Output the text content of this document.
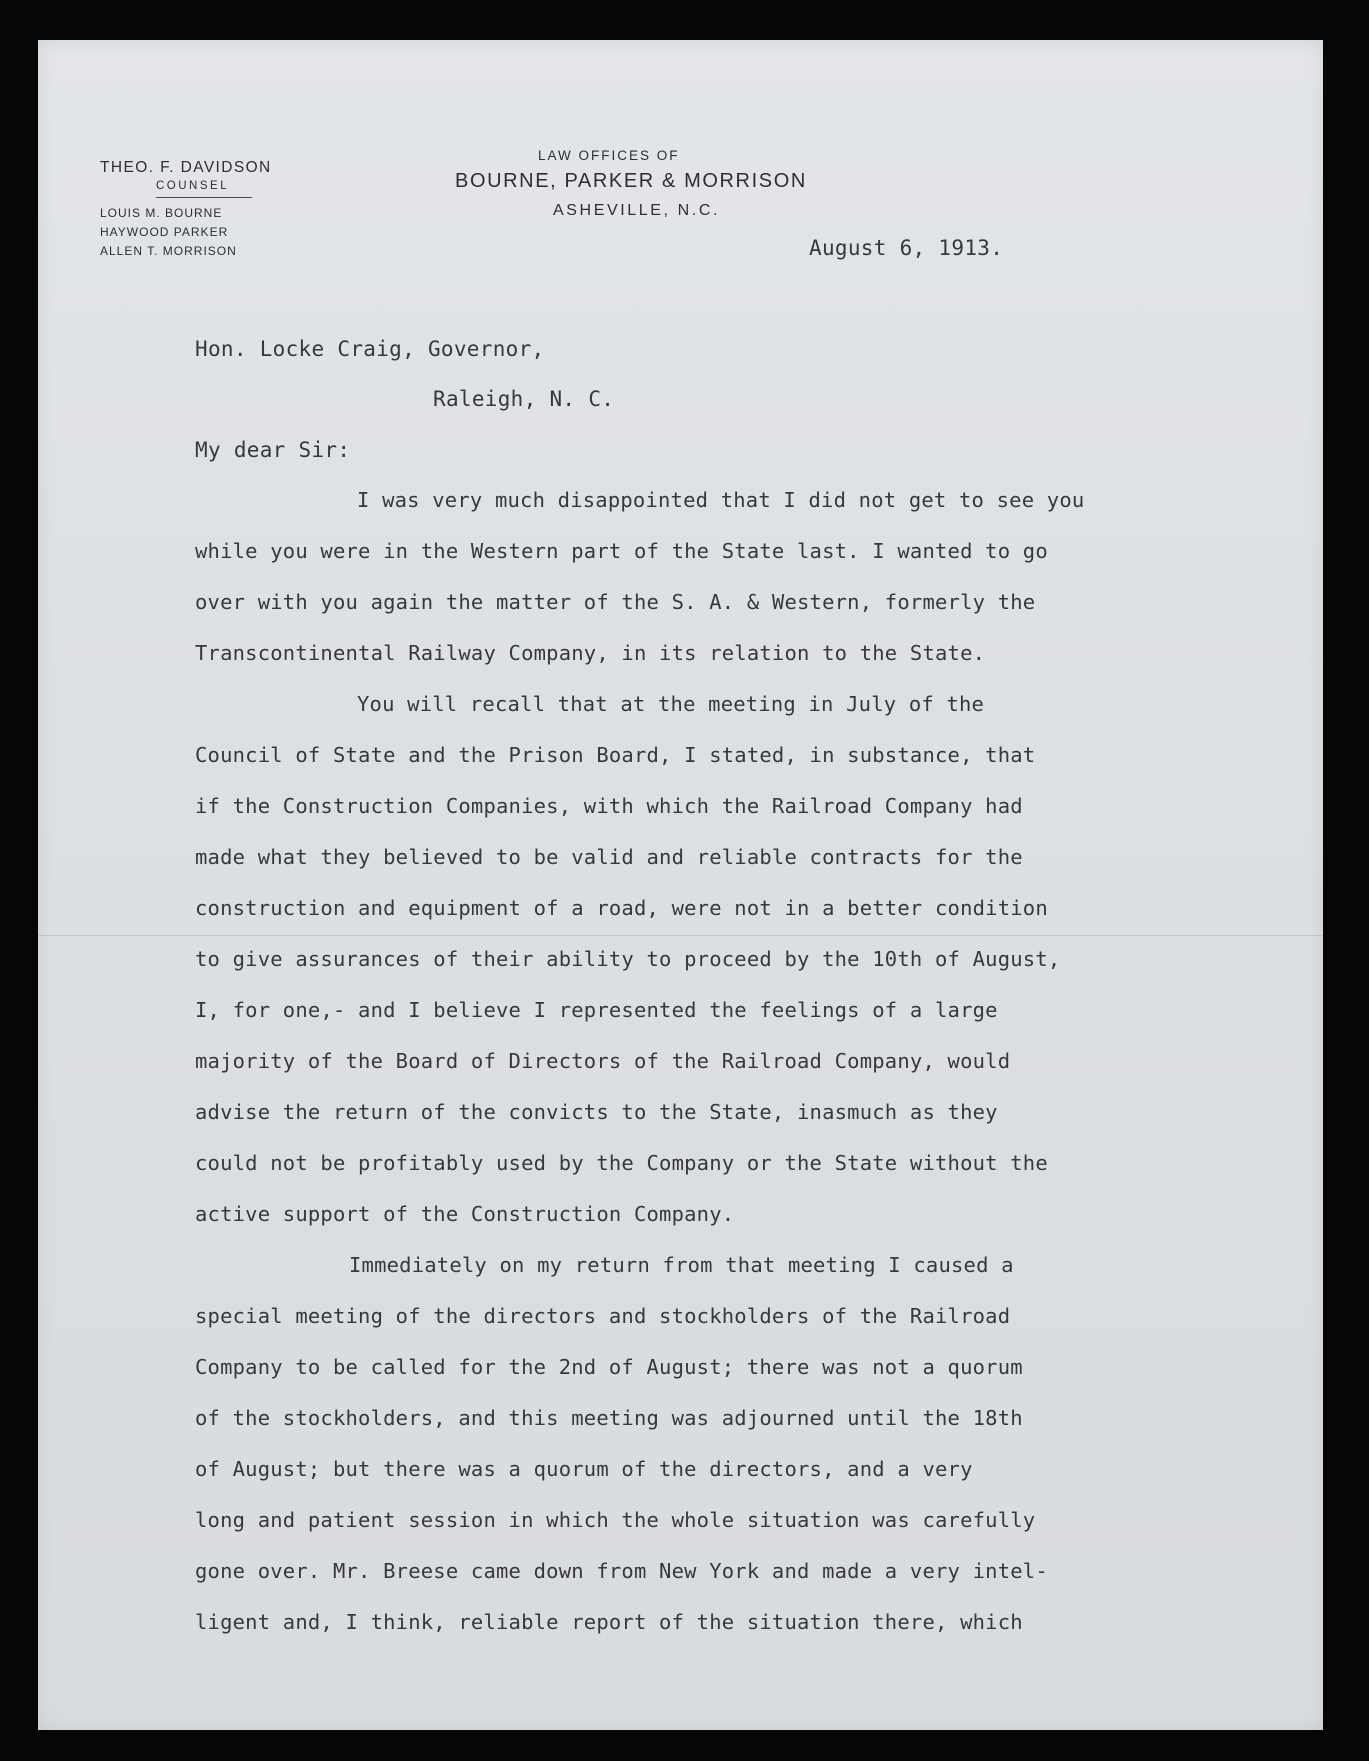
THEO. F. DAVIDSON
COUNSEL
LOUIS M. BOURNE
HAYWOOD PARKER
ALLEN T. MORRISON
LAW OFFICES OF
BOURNE, PARKER & MORRISON
ASHEVILLE, N.C.
August 6, 1913.
Hon. Locke Craig, Governor,
Raleigh, N. C.
My dear Sir:
I was very much disappointed that I did not get to see you
while you were in the Western part of the State last. I wanted to go
over with you again the matter of the S. A. & Western, formerly the
Transcontinental Railway Company, in its relation to the State.
You will recall that at the meeting in July of the
Council of State and the Prison Board, I stated, in substance, that
if the Construction Companies, with which the Railroad Company had
made what they believed to be valid and reliable contracts for the
construction and equipment of a road, were not in a better condition
to give assurances of their ability to proceed by the 10th of August,
I, for one,- and I believe I represented the feelings of a large
majority of the Board of Directors of the Railroad Company, would
advise the return of the convicts to the State, inasmuch as they
could not be profitably used by the Company or the State without the
active support of the Construction Company.
Immediately on my return from that meeting I caused a
special meeting of the directors and stockholders of the Railroad
Company to be called for the 2nd of August; there was not a quorum
of the stockholders, and this meeting was adjourned until the 18th
of August; but there was a quorum of the directors, and a very
long and patient session in which the whole situation was carefully
gone over. Mr. Breese came down from New York and made a very intel-
ligent and, I think, reliable report of the situation there, which
